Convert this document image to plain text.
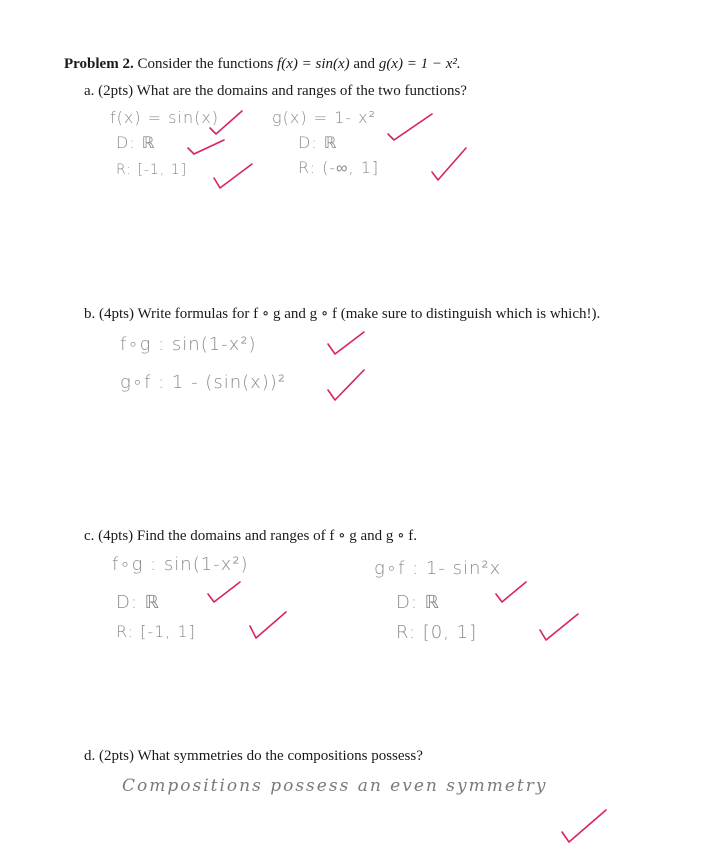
Problem 2. Consider the functions f(x) = sin(x) and g(x) = 1 − x².
a. (2pts) What are the domains and ranges of the two functions?
f(x) = sin(x)
D: ℝ
R: [-1, 1]
g(x) = 1- x²
D: ℝ
R: (-∞, 1]
b. (4pts) Write formulas for f ∘ g and g ∘ f (make sure to distinguish which is which!).
f∘g : sin(1-x²)
g∘f : 1 - (sin(x))²
c. (4pts) Find the domains and ranges of f ∘ g and g ∘ f.
f∘g : sin(1-x²)
D: ℝ
R: [-1, 1]
g∘f : 1- sin²x
D: ℝ
R: [0, 1]
d. (2pts) What symmetries do the compositions possess?
Compositions possess an even symmetry
